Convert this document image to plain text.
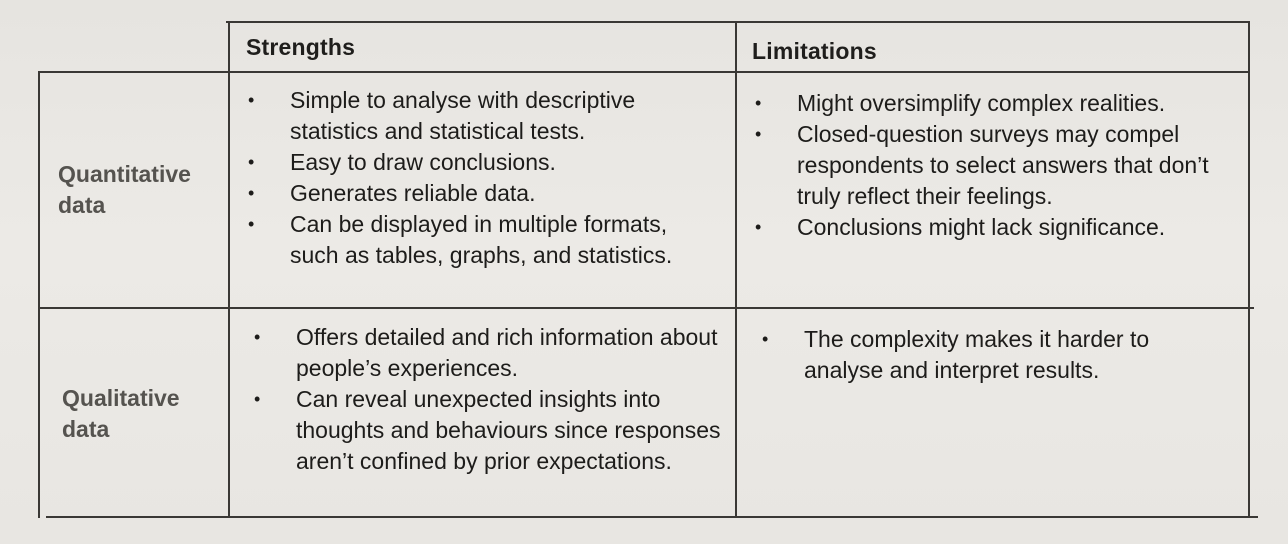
Strengths	Limitations
Quantitative
data
• Simple to analyse with descriptive statistics and statistical tests.
• Easy to draw conclusions.
• Generates reliable data.
• Can be displayed in multiple formats, such as tables, graphs, and statistics.
• Might oversimplify complex realities.
• Closed-question surveys may compel respondents to select answers that don’t truly reflect their feelings.
• Conclusions might lack significance.
Qualitative
data
• Offers detailed and rich information about people’s experiences.
• Can reveal unexpected insights into thoughts and behaviours since responses aren’t confined by prior expectations.
• The complexity makes it harder to analyse and interpret results.
